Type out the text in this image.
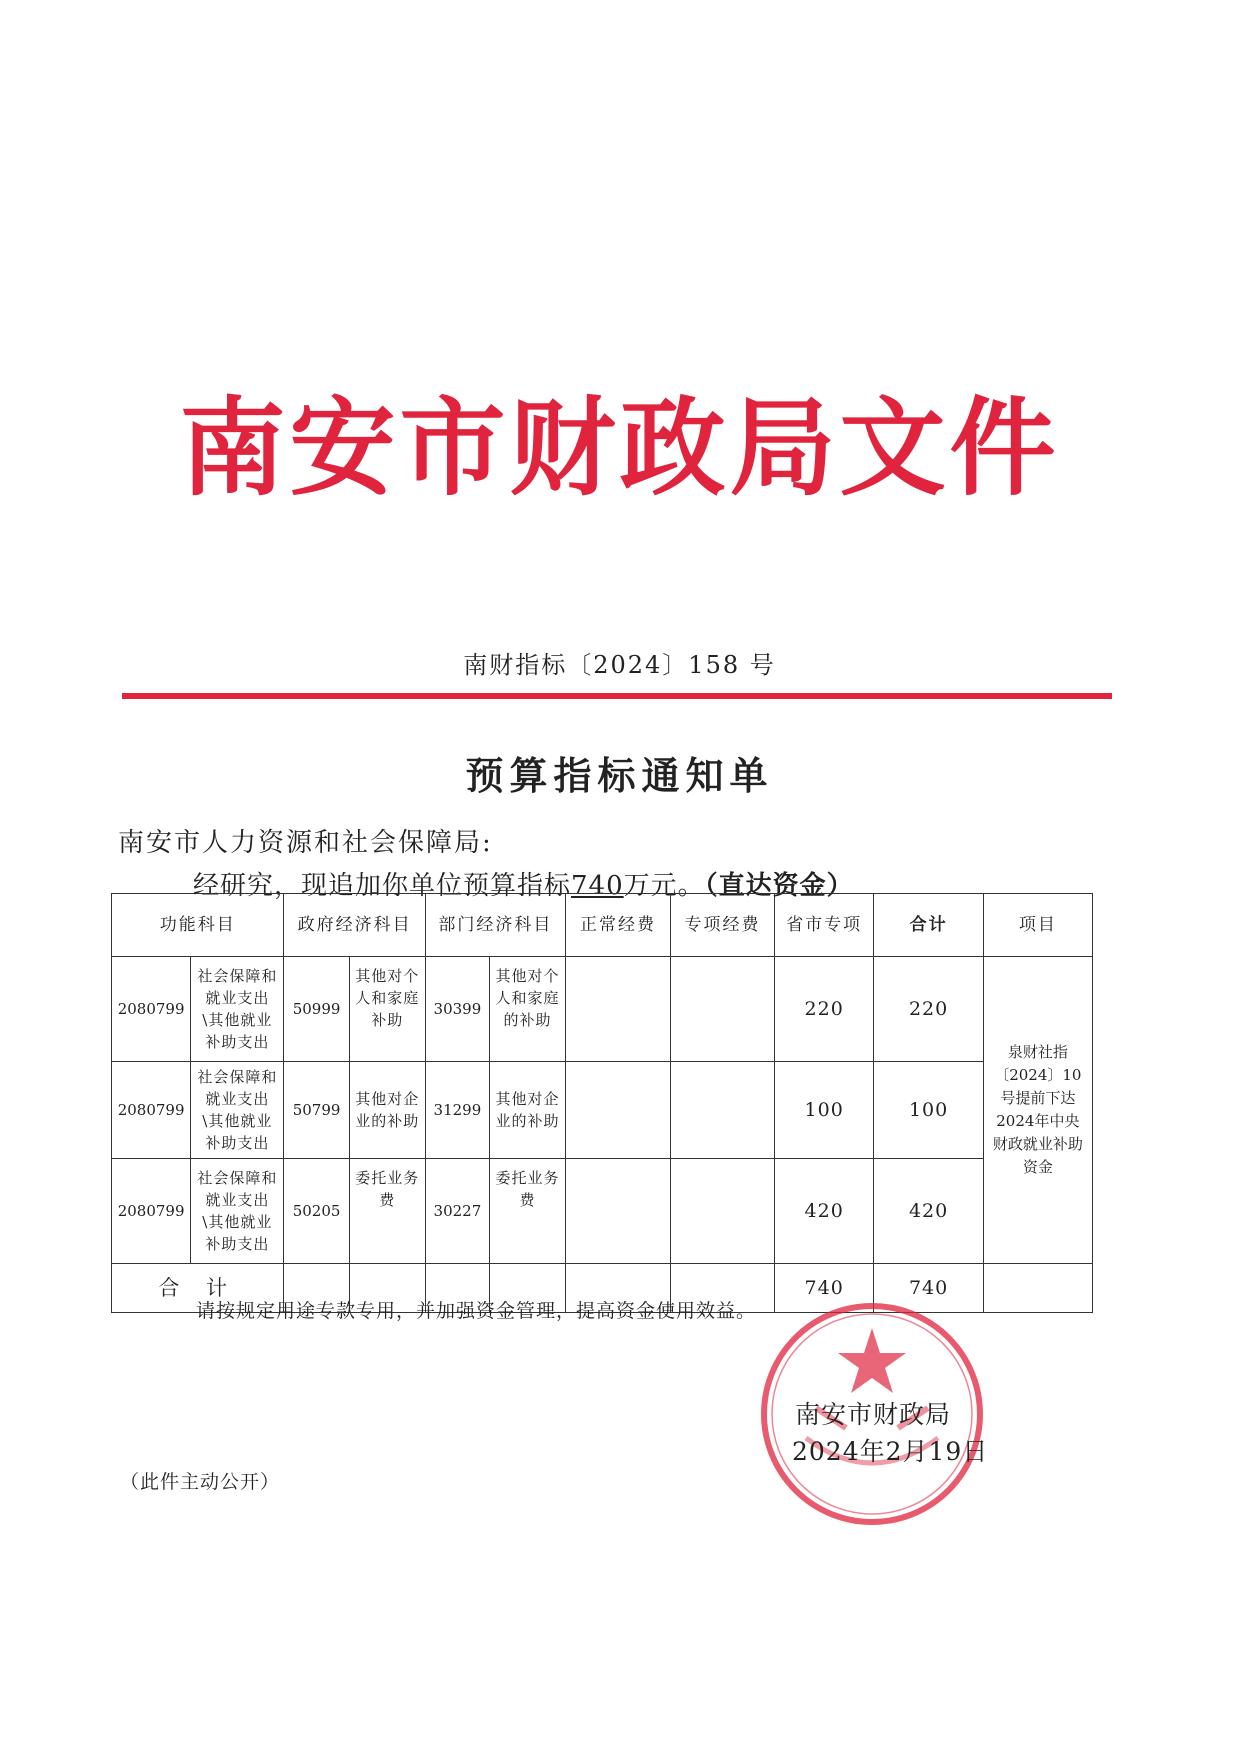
南安市财政局文件
南财指标〔2024〕158 号
预算指标通知单
南安市人力资源和社会保障局:
经研究，现追加你单位预算指标740万元。（直达资金）
功能科目		政府经济科目		部门经济科目		正常经费	专项经费	省市专项	合计	项目
2080799	社会保障和就业支出\其他就业补助支出	50999	其他对个人和家庭补助	30399	其他对个人和家庭的补助			220	220	泉财社指〔2024〕10号提前下达2024年中央财政就业补助资金
2080799	社会保障和就业支出\其他就业补助支出	50799	其他对企业的补助	31299	其他对企业的补助			100	100	
2080799	社会保障和就业支出\其他就业补助支出	50205	委托业务费	30227	委托业务费			420	420	
合 计								740	740	
请按规定用途专款专用，并加强资金管理，提高资金使用效益。
南安市财政局
2024年2月19日
（此件主动公开）
